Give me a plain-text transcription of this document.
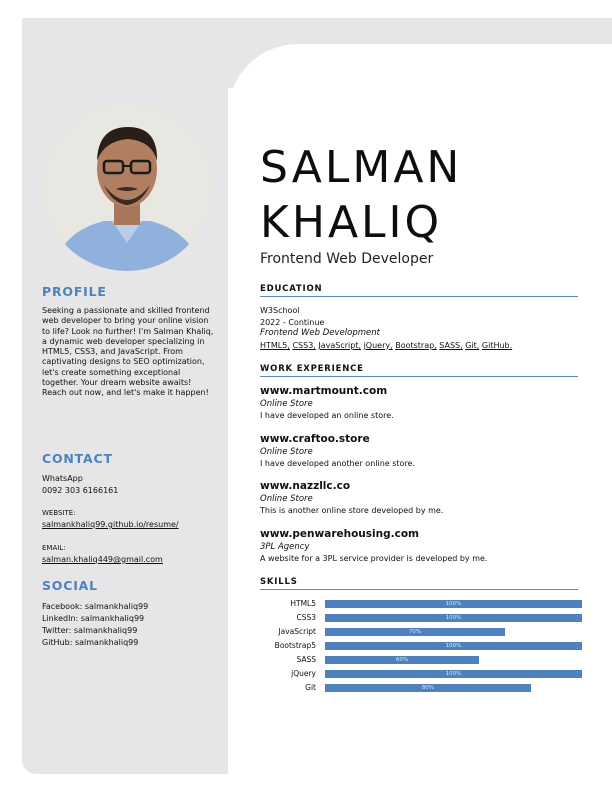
PROFILE

Seeking a passionate and skilled frontend web developer to bring your online vision to life? Look no further! I'm Salman Khaliq, a dynamic web developer specializing in HTML5, CSS3, and JavaScript. From captivating designs to SEO optimization, let's create something exceptional together. Your dream website awaits! Reach out now, and let's make it happen!

CONTACT

WhatsApp

0092 303 6166161

WEBSITE:

salmankhaliq99.github.io/resume/

EMAIL:

salman.khaliq449@gmail.com

SOCIAL

Facebook: salmankhaliq99

LinkedIn: salmankhaliq99

Twitter: salmankhaliq99

GitHub: salmankhaliq99

SALMAN
KHALIQ

Frontend Web Developer

EDUCATION

W3School

2022 - Continue

Frontend Web Development

HTML5, CSS3, JavaScript, jQuery, Bootstrap, SASS, Git, GitHub.

WORK EXPERIENCE

www.martmount.com

Online Store

I have developed an online store.

www.craftoo.store

Online Store

I have developed another online store.

www.nazzllc.co

Online Store

This is another online store developed by me.

www.penwarehousing.com

3PL Agency

A website for a 3PL service provider is developed by me.

SKILLS

HTML5	100%

CSS3	100%

JavaScript	70%

Bootstrap5	100%

SASS	60%

jQuery	100%

Git	80%
